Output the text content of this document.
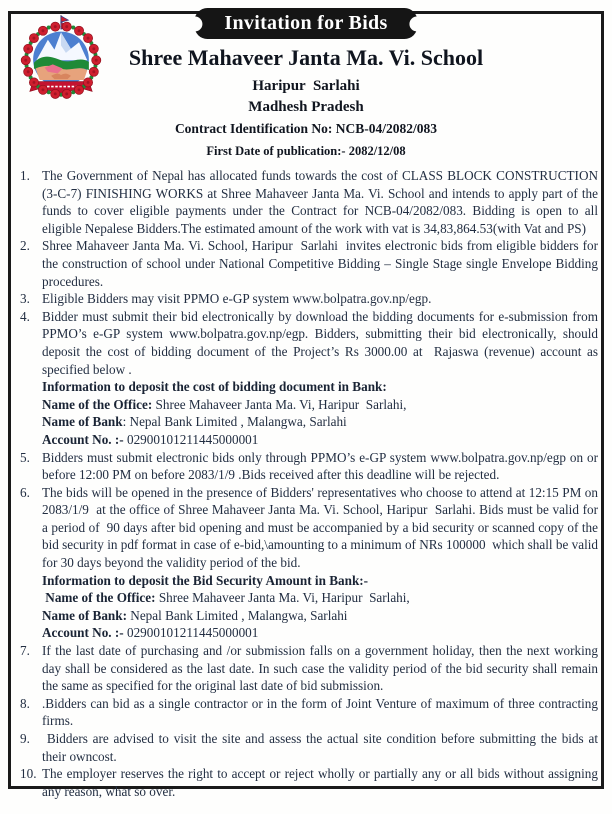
Invitation for Bids
Shree Mahaveer Janta Ma. Vi. School
Haripur  Sarlahi
Madhesh Pradesh
Contract Identification No: NCB-04/2082/083
First Date of publication:- 2082/12/08
1. The Government of Nepal has allocated funds towards the cost of CLASS BLOCK CONSTRUCTION (3-C-7) FINISHING WORKS at Shree Mahaveer Janta Ma. Vi. School and intends to apply part of the funds to cover eligible payments under the Contract for NCB-04/2082/083. Bidding is open to all eligible Nepalese Bidders.The estimated amount of the work with vat is 34,83,864.53(with Vat and PS)
2. Shree Mahaveer Janta Ma. Vi. School, Haripur  Sarlahi  invites electronic bids from eligible bidders for the construction of school under National Competitive Bidding – Single Stage single Envelope Bidding procedures.
3. Eligible Bidders may visit PPMO e-GP system www.bolpatra.gov.np/egp.
4. Bidder must submit their bid electronically by download the bidding documents for e-submission from PPMO’s e-GP system www.bolpatra.gov.np/egp. Bidders, submitting their bid electronically, should deposit the cost of bidding document of the Project’s Rs 3000.00 at  Rajaswa (revenue) account as specified below .
Information to deposit the cost of bidding document in Bank:
Name of the Office: Shree Mahaveer Janta Ma. Vi, Haripur  Sarlahi,
Name of Bank: Nepal Bank Limited , Malangwa, Sarlahi
Account No. :- 02900101211445000001
5. Bidders must submit electronic bids only through PPMO’s e-GP system www.bolpatra.gov.np/egp on or before 12:00 PM on before 2083/1/9 .Bids received after this deadline will be rejected.
6. The bids will be opened in the presence of Bidders' representatives who choose to attend at 12:15 PM on 2083/1/9  at the office of Shree Mahaveer Janta Ma. Vi. School, Haripur  Sarlahi. Bids must be valid for a period of  90 days after bid opening and must be accompanied by a bid security or scanned copy of the bid security in pdf format in case of e-bid,\amounting to a minimum of NRs 100000  which shall be valid for 30 days beyond the validity period of the bid.
Information to deposit the Bid Security Amount in Bank:-
Name of the Office: Shree Mahaveer Janta Ma. Vi, Haripur  Sarlahi,
Name of Bank: Nepal Bank Limited , Malangwa, Sarlahi
Account No. :- 02900101211445000001
7. If the last date of purchasing and /or submission falls on a government holiday, then the next working day shall be considered as the last date. In such case the validity period of the bid security shall remain the same as specified for the original last date of bid submission.
8. .Bidders can bid as a single contractor or in the form of Joint Venture of maximum of three contracting firms.
9. Bidders are advised to visit the site and assess the actual site condition before submitting the bids at their owncost.
10. The employer reserves the right to accept or reject wholly or partially any or all bids without assigning any reason, what so over.
